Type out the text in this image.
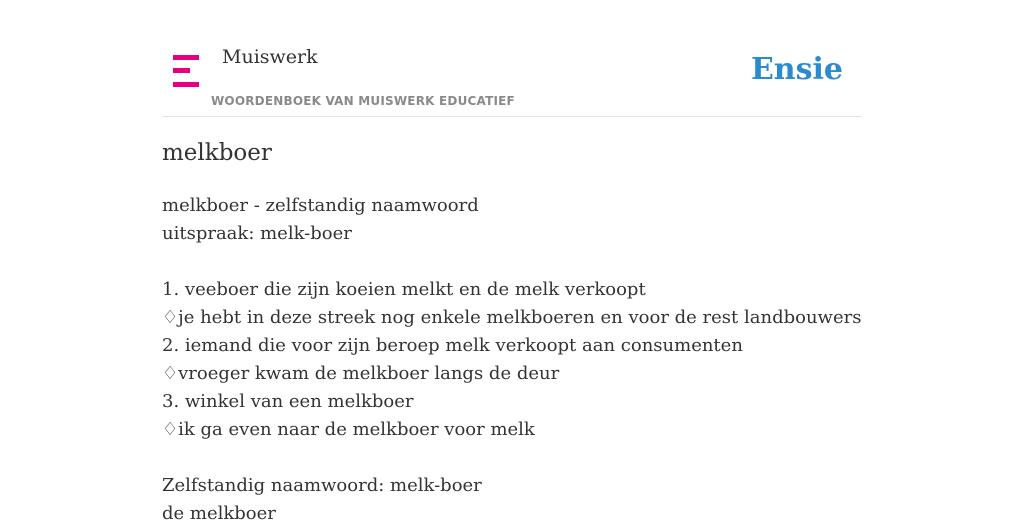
Muiswerk
WOORDENBOEK VAN MUISWERK EDUCATIEF
Ensie
melkboer
melkboer - zelfstandig naamwoord
uitspraak: melk-boer
1. veeboer die zijn koeien melkt en de melk verkoopt
♢je hebt in deze streek nog enkele melkboeren en voor de rest landbouwers
2. iemand die voor zijn beroep melk verkoopt aan consumenten
♢vroeger kwam de melkboer langs de deur
3. winkel van een melkboer
♢ik ga even naar de melkboer voor melk
Zelfstandig naamwoord: melk-boer
de melkboer
